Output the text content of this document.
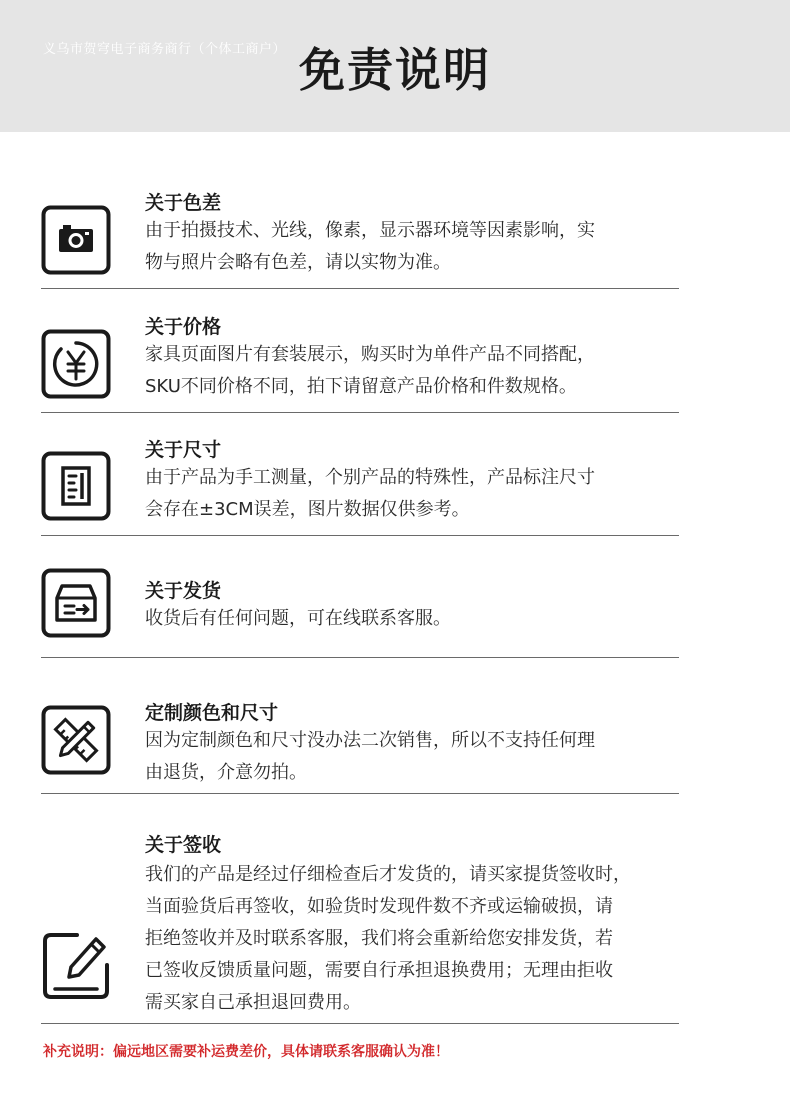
义乌市贺穹电子商务商行（个体工商户） 免责说明
关于色差
由于拍摄技术、光线，像素，显示器环境等因素影响，实
物与照片会略有色差，请以实物为准。
关于价格
家具页面图片有套装展示，购买时为单件产品不同搭配，
SKU不同价格不同，拍下请留意产品价格和件数规格。
关于尺寸
由于产品为手工测量，个别产品的特殊性，产品标注尺寸
会存在±3CM误差，图片数据仅供参考。
关于发货
收货后有任何问题，可在线联系客服。
定制颜色和尺寸
因为定制颜色和尺寸没办法二次销售，所以不支持任何理
由退货，介意勿拍。
关于签收
我们的产品是经过仔细检查后才发货的，请买家提货签收时，
当面验货后再签收，如验货时发现件数不齐或运输破损，请
拒绝签收并及时联系客服，我们将会重新给您安排发货，若
已签收反馈质量问题，需要自行承担退换费用；无理由拒收
需买家自己承担退回费用。
补充说明：偏远地区需要补运费差价，具体请联系客服确认为准！
